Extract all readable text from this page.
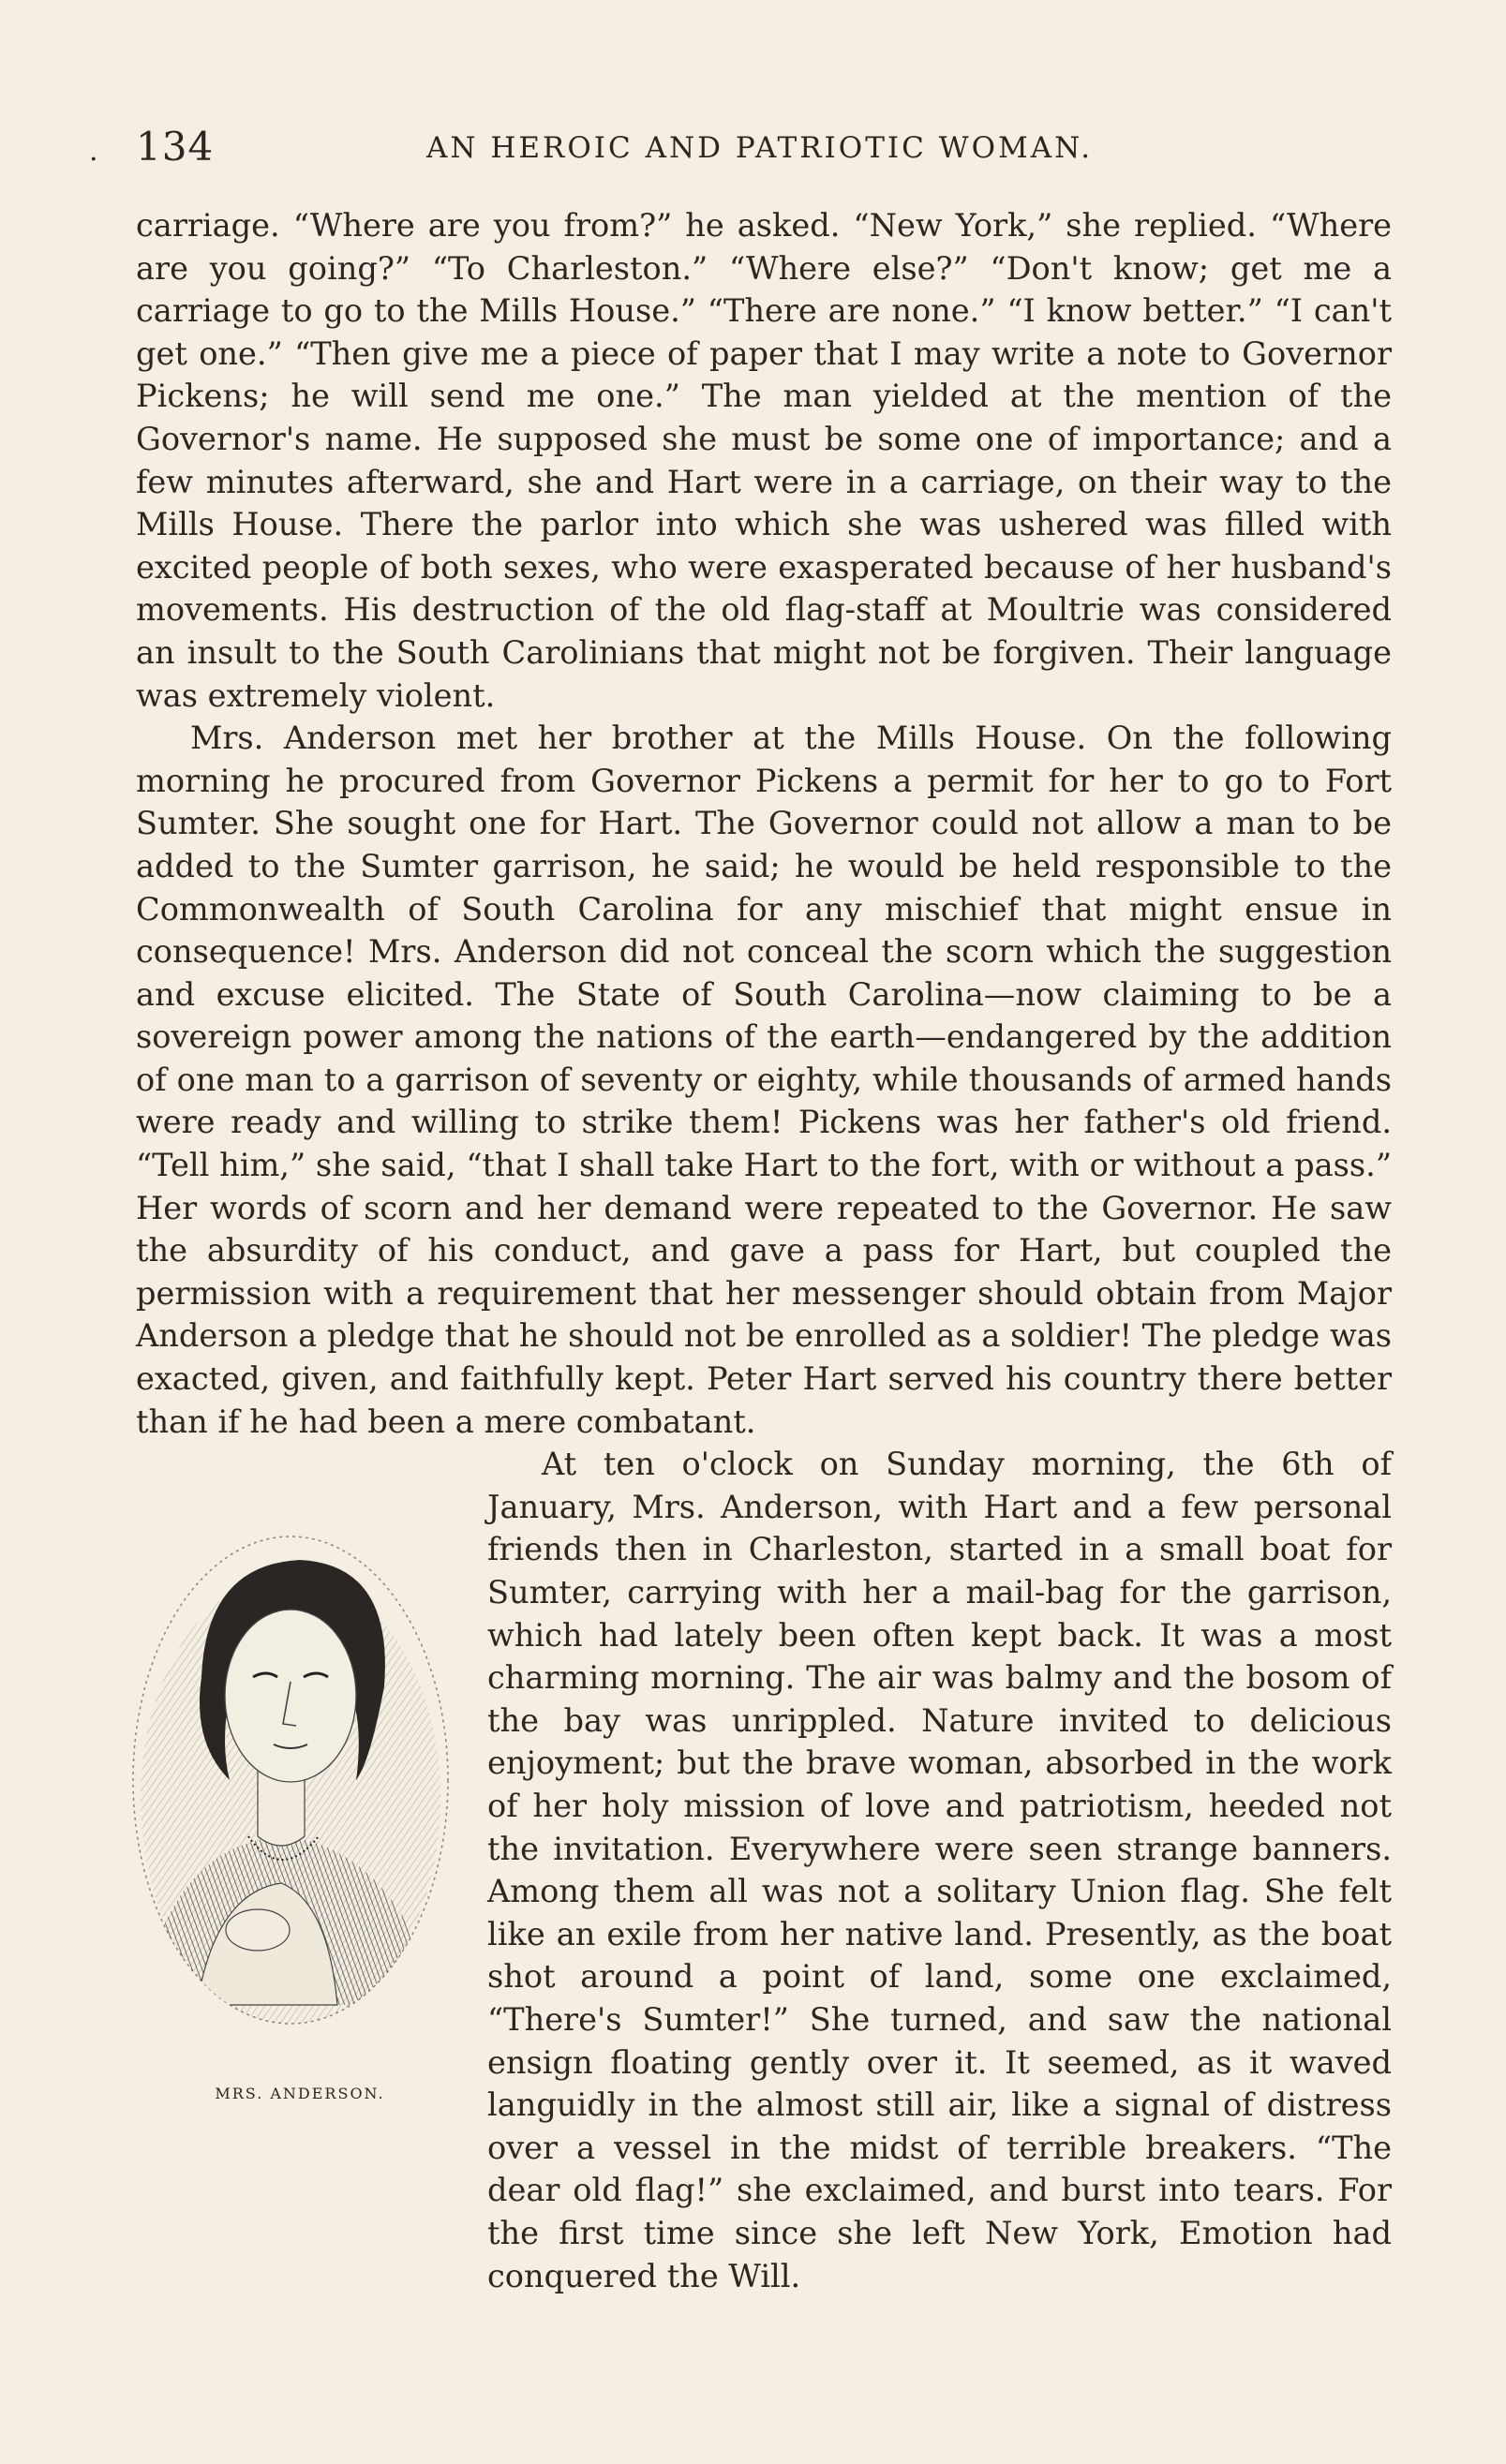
. 134	AN HEROIC AND PATRIOTIC WOMAN.

carriage. “Where are you from?” he asked. “New York,” she replied. “Where are you going?” “To Charleston.” “Where else?” “Don't know; get me a carriage to go to the Mills House.” “There are none.” “I know better.” “I can't get one.” “Then give me a piece of paper that I may write a note to Governor Pickens; he will send me one.” The man yielded at the mention of the Governor's name. He supposed she must be some one of importance; and a few minutes afterward, she and Hart were in a carriage, on their way to the Mills House. There the parlor into which she was ushered was filled with excited people of both sexes, who were exasperated because of her husband's movements. His destruction of the old flag-staff at Moultrie was considered an insult to the South Carolinians that might not be forgiven. Their language was extremely violent.

Mrs. Anderson met her brother at the Mills House. On the following morning he procured from Governor Pickens a permit for her to go to Fort Sumter. She sought one for Hart. The Governor could not allow a man to be added to the Sumter garrison, he said; he would be held responsible to the Commonwealth of South Carolina for any mischief that might ensue in consequence! Mrs. Anderson did not conceal the scorn which the suggestion and excuse elicited. The State of South Carolina—now claiming to be a sovereign power among the nations of the earth—endangered by the addition of one man to a garrison of seventy or eighty, while thousands of armed hands were ready and willing to strike them! Pickens was her father's old friend. “Tell him,” she said, “that I shall take Hart to the fort, with or without a pass.” Her words of scorn and her demand were repeated to the Governor. He saw the absurdity of his conduct, and gave a pass for Hart, but coupled the permission with a requirement that her messenger should obtain from Major Anderson a pledge that he should not be enrolled as a soldier! The pledge was exacted, given, and faithfully kept. Peter Hart served his country there better than if he had been a mere combatant.

MRS. ANDERSON.

At ten o'clock on Sunday morning, the 6th of January, Mrs. Anderson, with Hart and a few personal friends then in Charleston, started in a small boat for Sumter, carrying with her a mail-bag for the garrison, which had lately been often kept back. It was a most charming morning. The air was balmy and the bosom of the bay was unrippled. Nature invited to delicious enjoyment; but the brave woman, absorbed in the work of her holy mission of love and patriotism, heeded not the invitation. Everywhere were seen strange banners. Among them all was not a solitary Union flag. She felt like an exile from her native land. Presently, as the boat shot around a point of land, some one exclaimed, “There's Sumter!” She turned, and saw the national ensign floating gently over it. It seemed, as it waved languidly in the almost still air, like a signal of distress over a vessel in the midst of terrible breakers. “The dear old flag!” she exclaimed, and burst into tears. For the first time since she left New York, Emotion had conquered the Will.
